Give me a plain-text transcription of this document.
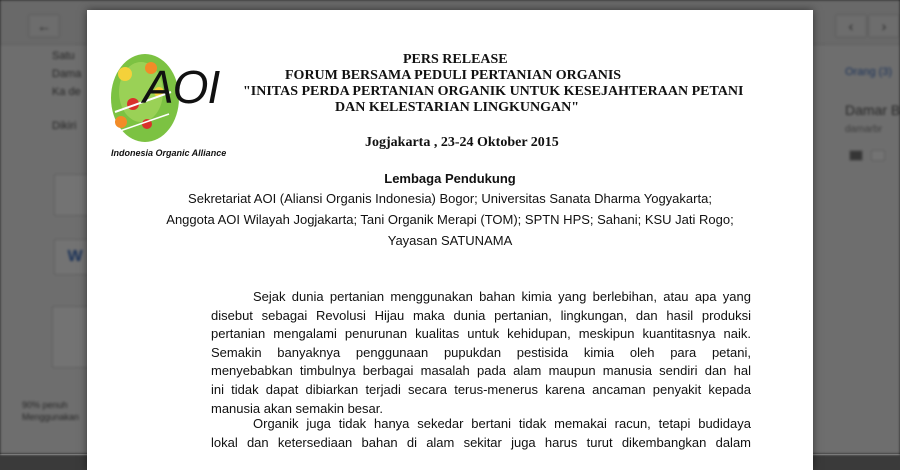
AOI
Indonesia Organic Alliance
PERS RELEASE
FORUM BERSAMA PEDULI PERTANIAN ORGANIS
"INITAS PERDA PERTANIAN ORGANIK UNTUK KESEJAHTERAAN PETANI
DAN KELESTARIAN LINGKUNGAN"
Jogjakarta , 23-24 Oktober 2015
Lembaga Pendukung
Sekretariat AOI (Aliansi Organis Indonesia) Bogor; Universitas Sanata Dharma Yogyakarta;
Anggota AOI Wilayah Jogjakarta; Tani Organik Merapi (TOM); SPTN HPS; Sahani; KSU Jati Rogo;
Yayasan SATUNAMA
Sejak dunia pertanian menggunakan bahan kimia yang berlebihan, atau apa yang
disebut sebagai Revolusi Hijau maka dunia pertanian, lingkungan, dan hasil produksi
pertanian mengalami penurunan kualitas untuk kehidupan, meskipun kuantitasnya naik.
Semakin banyaknya penggunaan pupukdan pestisida kimia oleh para petani,
menyebabkan timbulnya berbagai masalah pada alam maupun manusia sendiri dan hal
ini tidak dapat dibiarkan terjadi secara terus-menerus karena ancaman penyakit kepada
manusia akan semakin besar.
Organik juga tidak hanya sekedar bertani tidak memakai racun, tetapi budidaya
lokal dan ketersediaan bahan di alam sekitar juga harus turut dikembangkan dalam
